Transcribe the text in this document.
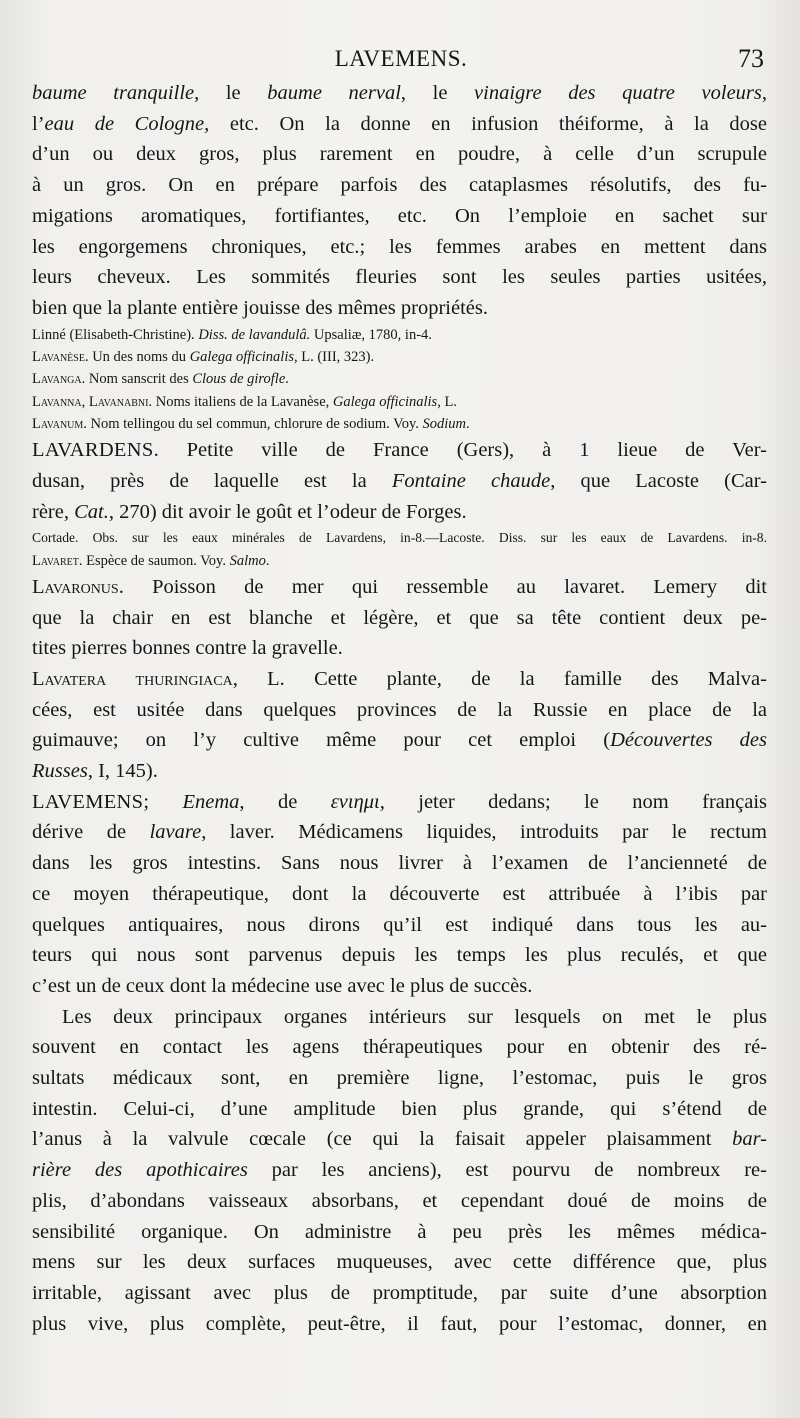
LAVEMENS.	73
baume tranquille, le baume nerval, le vinaigre des quatre voleurs,
l’eau de Cologne, etc. On la donne en infusion théiforme, à la dose
d’un ou deux gros, plus rarement en poudre, à celle d’un scrupule
à un gros. On en prépare parfois des cataplasmes résolutifs, des fu-
migations aromatiques, fortifiantes, etc. On l’emploie en sachet sur
les engorgemens chroniques, etc.; les femmes arabes en mettent dans
leurs cheveux. Les sommités fleuries sont les seules parties usitées,
bien que la plante entière jouisse des mêmes propriétés.
Linné (Elisabeth-Christine). Diss. de lavandulâ. Upsaliæ, 1780, in-4.
Lavanèse. Un des noms du Galega officinalis, L. (III, 323).
Lavanga. Nom sanscrit des Clous de girofle.
Lavanna, Lavanabni. Noms italiens de la Lavanèse, Galega officinalis, L.
Lavanum. Nom tellingou du sel commun, chlorure de sodium. Voy. Sodium.
LAVARDENS. Petite ville de France (Gers), à 1 lieue de Ver-
dusan, près de laquelle est la Fontaine chaude, que Lacoste (Car-
rère, Cat., 270) dit avoir le goût et l’odeur de Forges.
Cortade. Obs. sur les eaux minérales de Lavardens, in-8.—Lacoste. Diss. sur les eaux de Lavardens. in-8.
Lavaret. Espèce de saumon. Voy. Salmo.
Lavaronus. Poisson de mer qui ressemble au lavaret. Lemery dit
que la chair en est blanche et légère, et que sa tête contient deux pe-
tites pierres bonnes contre la gravelle.
Lavatera thuringiaca, L. Cette plante, de la famille des Malva-
cées, est usitée dans quelques provinces de la Russie en place de la
guimauve; on l’y cultive même pour cet emploi (Découvertes des
Russes, I, 145).
LAVEMENS; Enema, de ενιημι, jeter dedans; le nom français
dérive de lavare, laver. Médicamens liquides, introduits par le rectum
dans les gros intestins. Sans nous livrer à l’examen de l’ancienneté de
ce moyen thérapeutique, dont la découverte est attribuée à l’ibis par
quelques antiquaires, nous dirons qu’il est indiqué dans tous les au-
teurs qui nous sont parvenus depuis les temps les plus reculés, et que
c’est un de ceux dont la médecine use avec le plus de succès.
Les deux principaux organes intérieurs sur lesquels on met le plus
souvent en contact les agens thérapeutiques pour en obtenir des ré-
sultats médicaux sont, en première ligne, l’estomac, puis le gros
intestin. Celui-ci, d’une amplitude bien plus grande, qui s’étend de
l’anus à la valvule cœcale (ce qui la faisait appeler plaisamment bar-
rière des apothicaires par les anciens), est pourvu de nombreux re-
plis, d’abondans vaisseaux absorbans, et cependant doué de moins de
sensibilité organique. On administre à peu près les mêmes médica-
mens sur les deux surfaces muqueuses, avec cette différence que, plus
irritable, agissant avec plus de promptitude, par suite d’une absorption
plus vive, plus complète, peut-être, il faut, pour l’estomac, donner, en
